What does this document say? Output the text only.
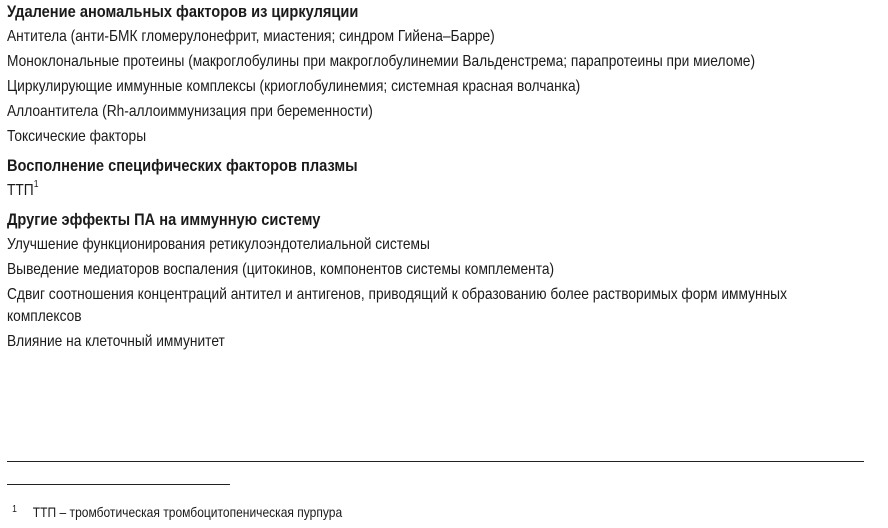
Удаление аномальных факторов из циркуляции
Антитела (анти-БМК гломерулонефрит, миастения; синдром Гийена–Барре)
Моноклональные протеины (макроглобулины при макроглобулинемии Вальденстрема; парапротеины при миеломе)
Циркулирующие иммунные комплексы (криоглобулинемия; системная красная волчанка)
Аллоантитела (Rh-аллоиммунизация при беременности)
Токсические факторы
Восполнение специфических факторов плазмы
ТТП$^1$
Другие эффекты ПА на иммунную систему
Улучшение функционирования ретикулоэндотелиальной системы
Выведение медиаторов воспаления (цитокинов, компонентов системы комплемента)
Сдвиг соотношения концентраций антител и антигенов, приводящий к образованию более растворимых форм иммунных комплексов
Влияние на клеточный иммунитет
1 ТТП – тромботическая тромбоцитопеническая пурпура
